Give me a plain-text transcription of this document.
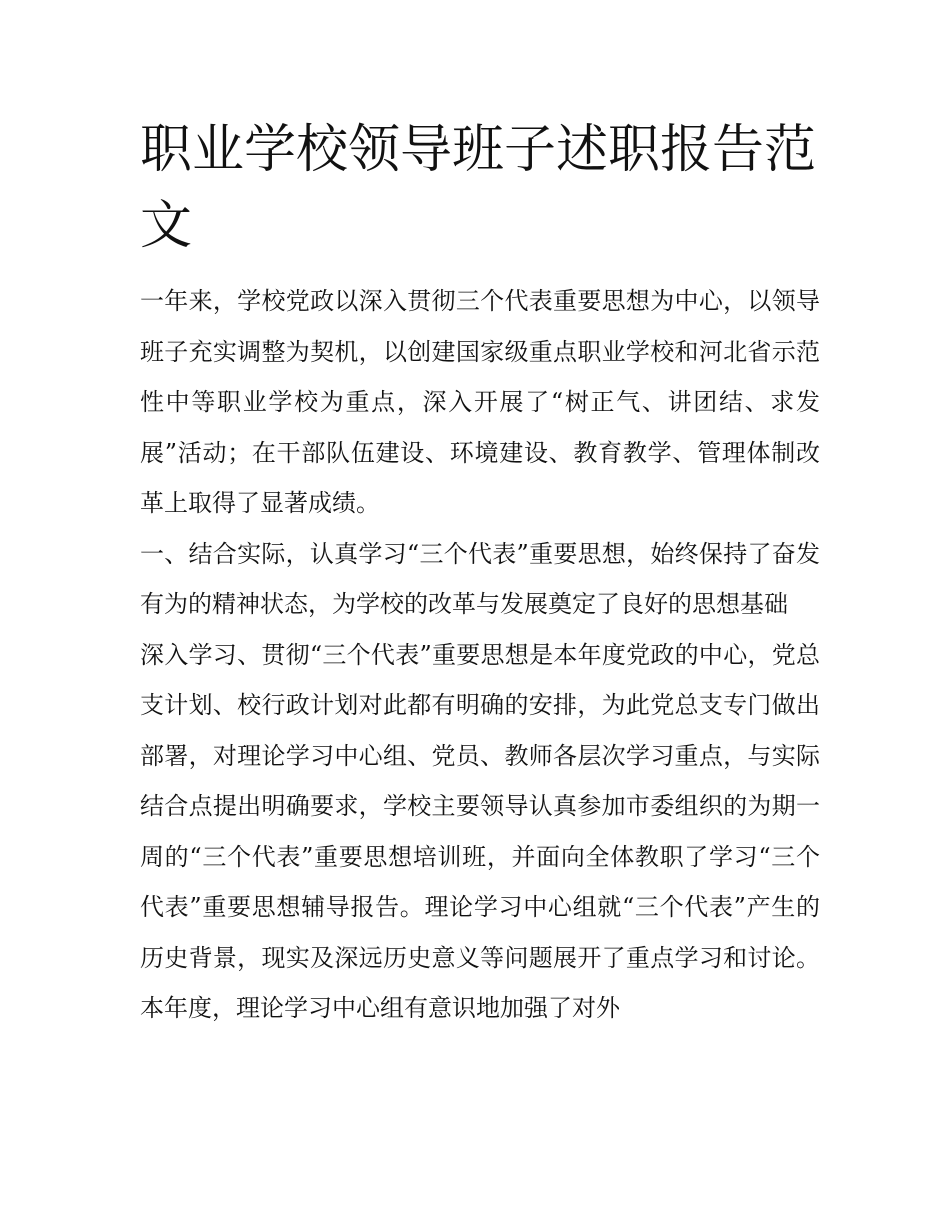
职业学校领导班子述职报告范文

一年来，学校党政以深入贯彻三个代表重要思想为中心，以领导班子充实调整为契机，以创建国家级重点职业学校和河北省示范性中等职业学校为重点，深入开展了“树正气、讲团结、求发展”活动；在干部队伍建设、环境建设、教育教学、管理体制改革上取得了显著成绩。

一、结合实际，认真学习“三个代表”重要思想，始终保持了奋发有为的精神状态，为学校的改革与发展奠定了良好的思想基础

深入学习、贯彻“三个代表”重要思想是本年度党政的中心，党总支计划、校行政计划对此都有明确的安排，为此党总支专门做出部署，对理论学习中心组、党员、教师各层次学习重点，与实际结合点提出明确要求，学校主要领导认真参加市委组织的为期一周的“三个代表”重要思想培训班，并面向全体教职了学习“三个代表”重要思想辅导报告。理论学习中心组就“三个代表”产生的历史背景，现实及深远历史意义等问题展开了重点学习和讨论。本年度，理论学习中心组有意识地加强了对外
